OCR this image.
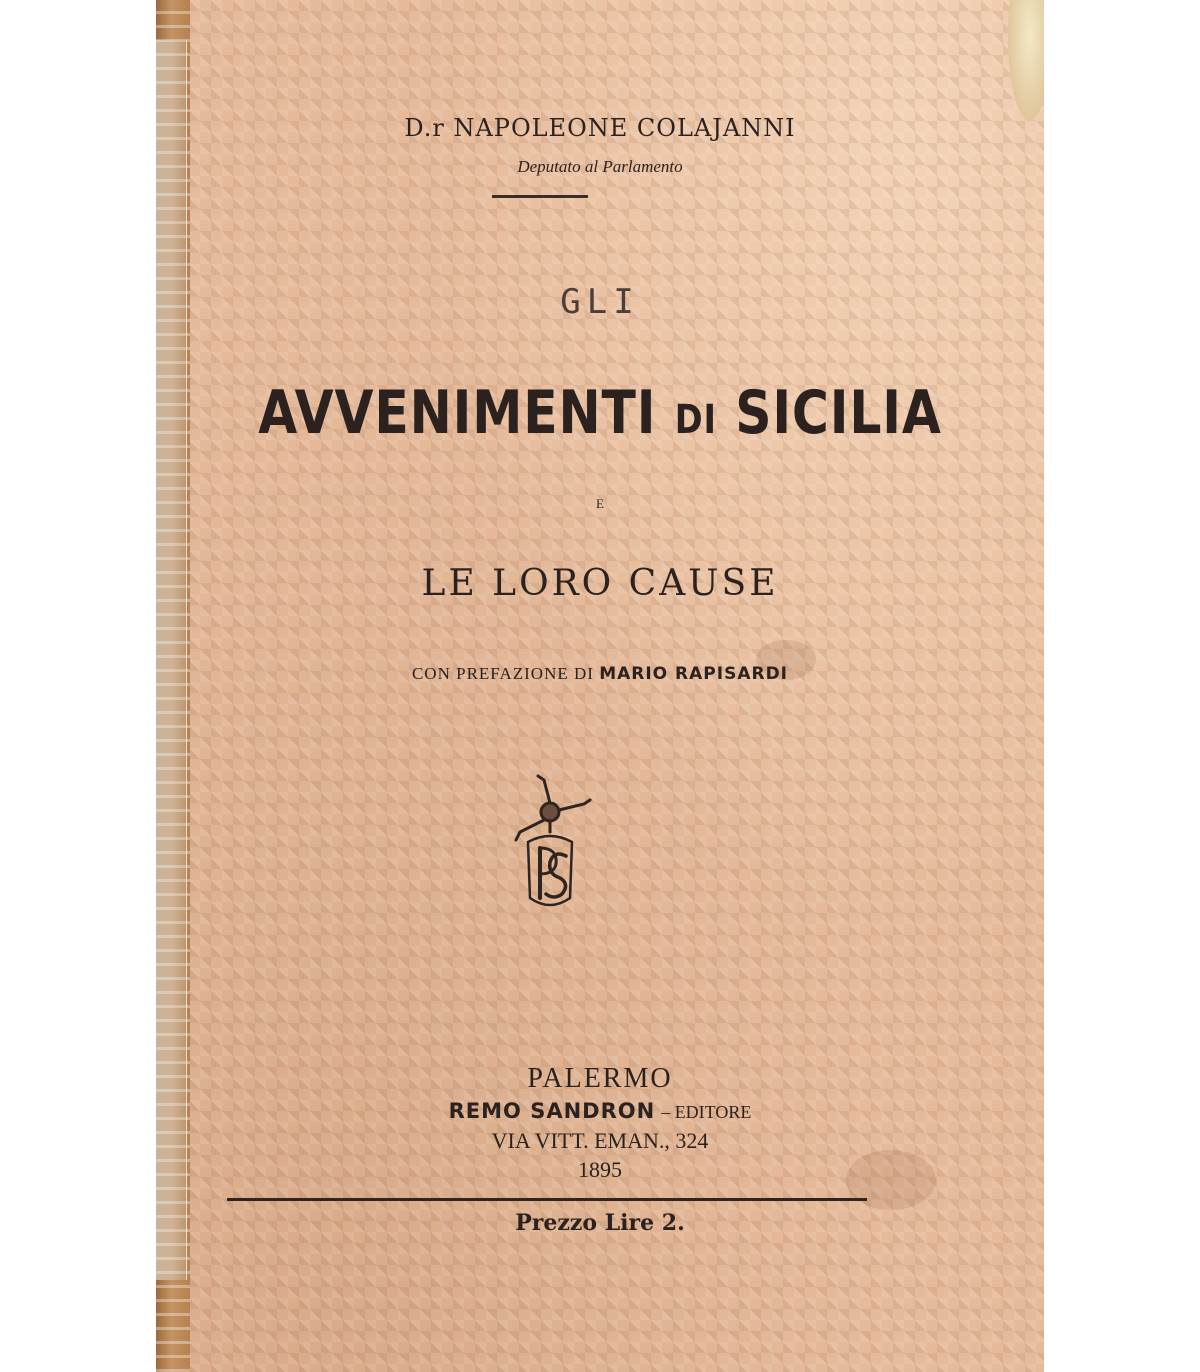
D.r NAPOLEONE COLAJANNI
Deputato al Parlamento
GLI
AVVENIMENTI DI SICILIA
E
LE LORO CAUSE
CON PREFAZIONE DI MARIO RAPISARDI
PALERMO
REMO SANDRON – EDITORE
VIA VITT. EMAN., 324
1895
Prezzo Lire 2.
